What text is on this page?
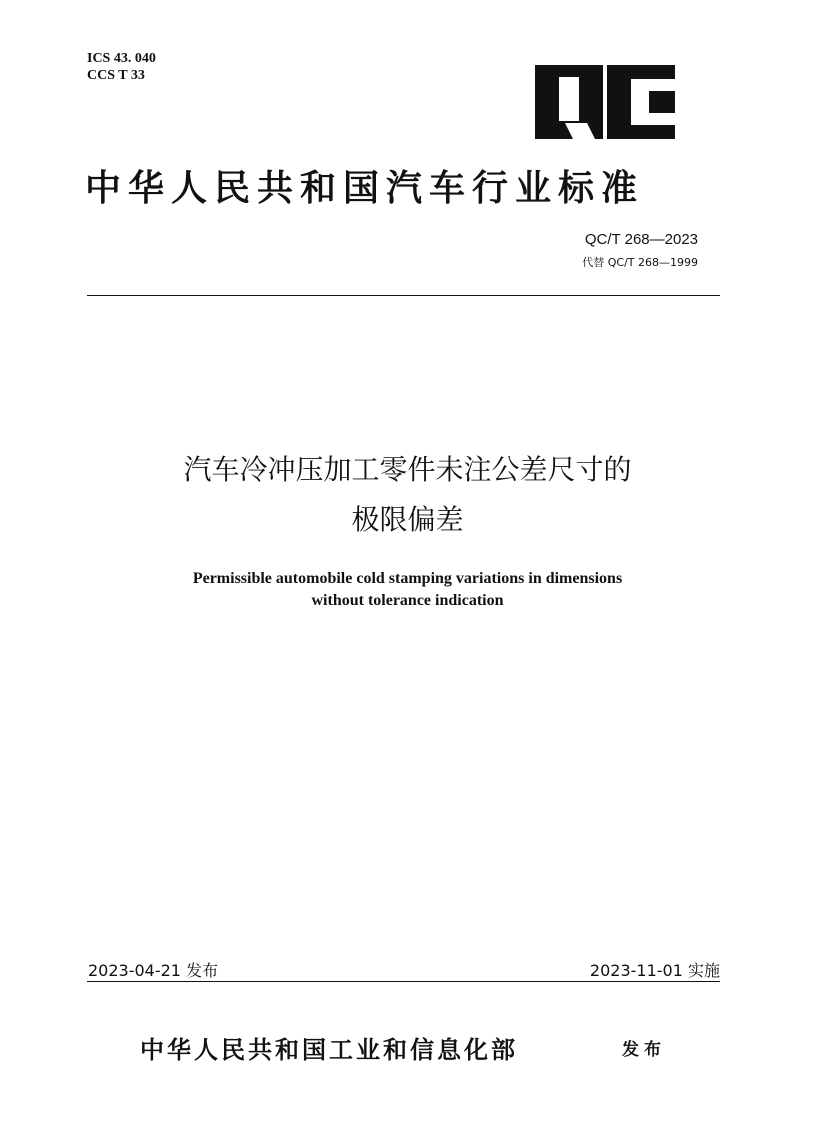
ICS 43. 040
CCS T 33
中华人民共和国汽车行业标准
QC/T 268—2023
代替 QC/T 268—1999
汽车冷冲压加工零件未注公差尺寸的
极限偏差
Permissible automobile cold stamping variations in dimensions
without tolerance indication
2023-04-21 发布	2023-11-01 实施
中华人民共和国工业和信息化部	发布
